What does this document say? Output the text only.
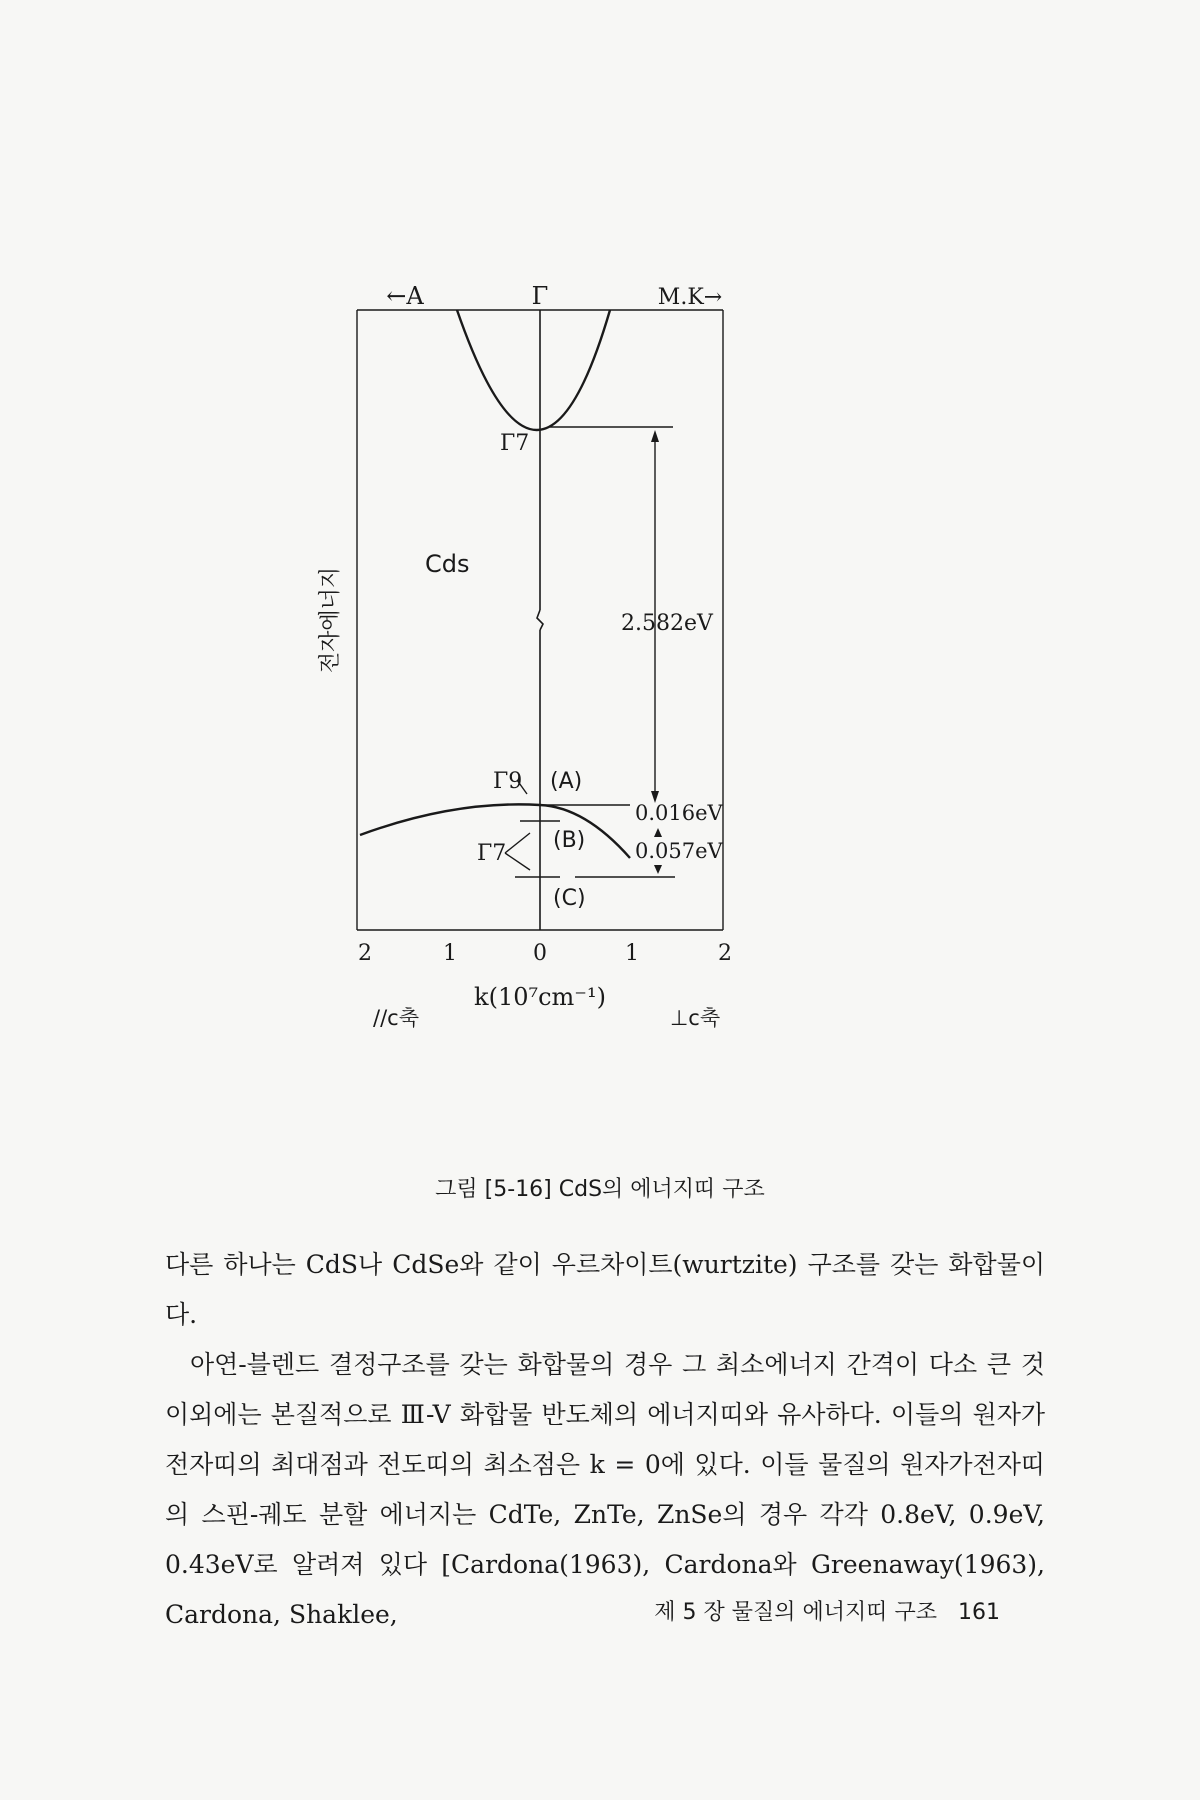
←A	Γ	M.K→
2.582eV
0.016eV
0.057eV
Γ7
Cds
Γ9 (A)
(B)
Γ7
(C)
전자에너지
2	1	0	1	2
k(10⁷cm⁻¹)
//c축	⊥c축
그림 [5-16] CdS의 에너지띠 구조

다른 하나는 CdS나 CdSe와 같이 우르차이트(wurtzite) 구조를 갖는 화합물이다.

아연-블렌드 결정구조를 갖는 화합물의 경우 그 최소에너지 간격이 다소 큰 것 이외에는 본질적으로 Ⅲ-V 화합물 반도체의 에너지띠와 유사하다. 이들의 원자가전자띠의 최대점과 전도띠의 최소점은 k = 0에 있다. 이들 물질의 원자가전자띠의 스핀-궤도 분할 에너지는 CdTe, ZnTe, ZnSe의 경우 각각 0.8eV, 0.9eV, 0.43eV로 알려져 있다 [Cardona(1963), Cardona와 Greenaway(1963), Cardona, Shaklee,	제 5 장 물질의 에너지띠 구조 161
